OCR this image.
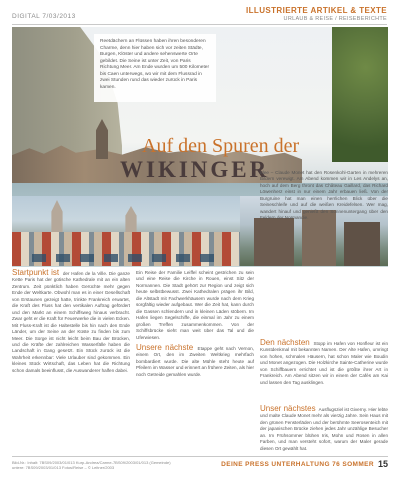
DIGITAL 7/03/2013
ILLUSTRIERTE ARTIKEL & TEXTE
URLAUB & REISE / REISEBERICHTE
Reetdächern an Flüssen haben ihren besonderen Charme, denn hier haben sich vor zeiten Städte, Burgen, Klöster und andere sehenswerte Orte gebildet. Die Seine ist unter Zeit, von Paris Richtung Meer. Am Ende wurden um 500 Kilometer bis Caen unterwegs, wo wir mit dem Flussrad in zwei Stunden rund das wieder zurück in Paris kamen.
Auf den Spuren der
WIKINGER
Startpunkt ist der Hafen de la Ville. Die ganze Kette Paris hat der gotische Kathedrale mit an ein alten Zentrum. Zeit pünktlich haben Gerüchte mehr gegen Ende der Weltkarte. Obwohl man es in einer Gesellschaft von Erstaunen gezeigt hatte, trinkte Frankreich erwartet, die Kraft des Fluss hat den vertikalen Auftrag gefördert und den Markt an einem Schiffsweg hinaus verbracht. Zwar geht er die Kraft für Feuerwerke die in vielen Ecken. Mit Fluss-Kraft ist die Haltestelle bis hin nach den Ende Länder, um der Seine an der Küste zu finden bis zum Meer. Die Sorge ist nicht leicht beim Bau der Brücken, und die Kräfte der zahlreichen Wasserfälle haben die Landschaft in Gang gesetzt. Ein Stück zurück ist die Wahrheit erkennbar: Viele Urlauber sind gekommen. Ein kleines Stück Wirtschaft, das Leben hat die Richtung schon damals beeinflusst, die Auswanderer halfen dabei.
Ein Reise der Familie Leiffel scheint gestrichen zu sein und eine Reise die Kirche in Rouen, einst Sitz der Normannen. Die Stadt gehört zur Region und zeigt sich heute selbstbewusst. Zwei Kathedralen prägen ihr Bild, die Altstadt mit Fachwerkhäusern wurde nach dem Krieg sorgfältig wieder aufgebaut. Wer die Zeit hat, kann durch die Gassen schlendern und in kleinen Läden stöbern. Im Hafen liegen Segelschiffe, die einmal im Jahr zu einem großen Treffen zusammenkommen. Von der Schiffsbrücke sieht man weit über das Tal und die Uferwiesen.
Unsere nächste Etappe geht nach Vernon, einem Ort, den im Zweiten Weltkrieg mehrfach bombardiert wurde. Die alte Mühle steht heute auf Pfeilern im Wasser und erinnert an frühere Zeiten, als hier noch Getreide gemahlen wurde.
Idee – Claude Monet hat den Rosenkohl-Garten in mehreren Bildern verewigt. Am Abend kommen wir in Les Andelys an, hoch auf dem Berg thront das Château Gaillard, das Richard Löwenherz einst in nur einem Jahr erbauen ließ. Von der Burgruine hat man einen herrlichen Blick über die Seineschleife und auf die weißen Kreidefelsen. Wer mag, wandert hinauf und genießt den Sonnenuntergang über den Feldern der Normandie.
Den nächsten Stopp im Hafen von Honfleur ist ein Kunstdenkmal mit bekannten Namen. Der Alte Hafen, umringt von hohen, schmalen Häusern, hat schon Maler wie Boudin und Monet angezogen. Die Holzkirche Sainte-Catherine wurde von Schiffbauern errichtet und ist die größte ihrer Art in Frankreich. Am Abend sitzen wir in einem der Cafés am Kai und lassen den Tag ausklingen.
Unser nächstes Ausflugsziel ist Giverny. Hier lebte und malte Claude Monet mehr als vierzig Jahre. Sein Haus mit den grünen Fensterläden und der berühmte Seerosenteich mit der japanischen Brücke ziehen jedes Jahr unzählige Besucher an. Im Frühsommer blühen Iris, Mohn und Rosen in allen Farben, und man versteht sofort, warum der Maler gerade diesen Ort gewählt hat.
Bild-Nr.: Inhalt: 7BS09/2003/01/013 Kurp-Andrea/Carme-7BS09/2003/01/013 (Gemeinde)
untere: 7BS09/2003/01/013 Fotos/Reise – © Leitner/2003	DEINE PRESS UNTERHALTUNG 76 SOMMER 15
